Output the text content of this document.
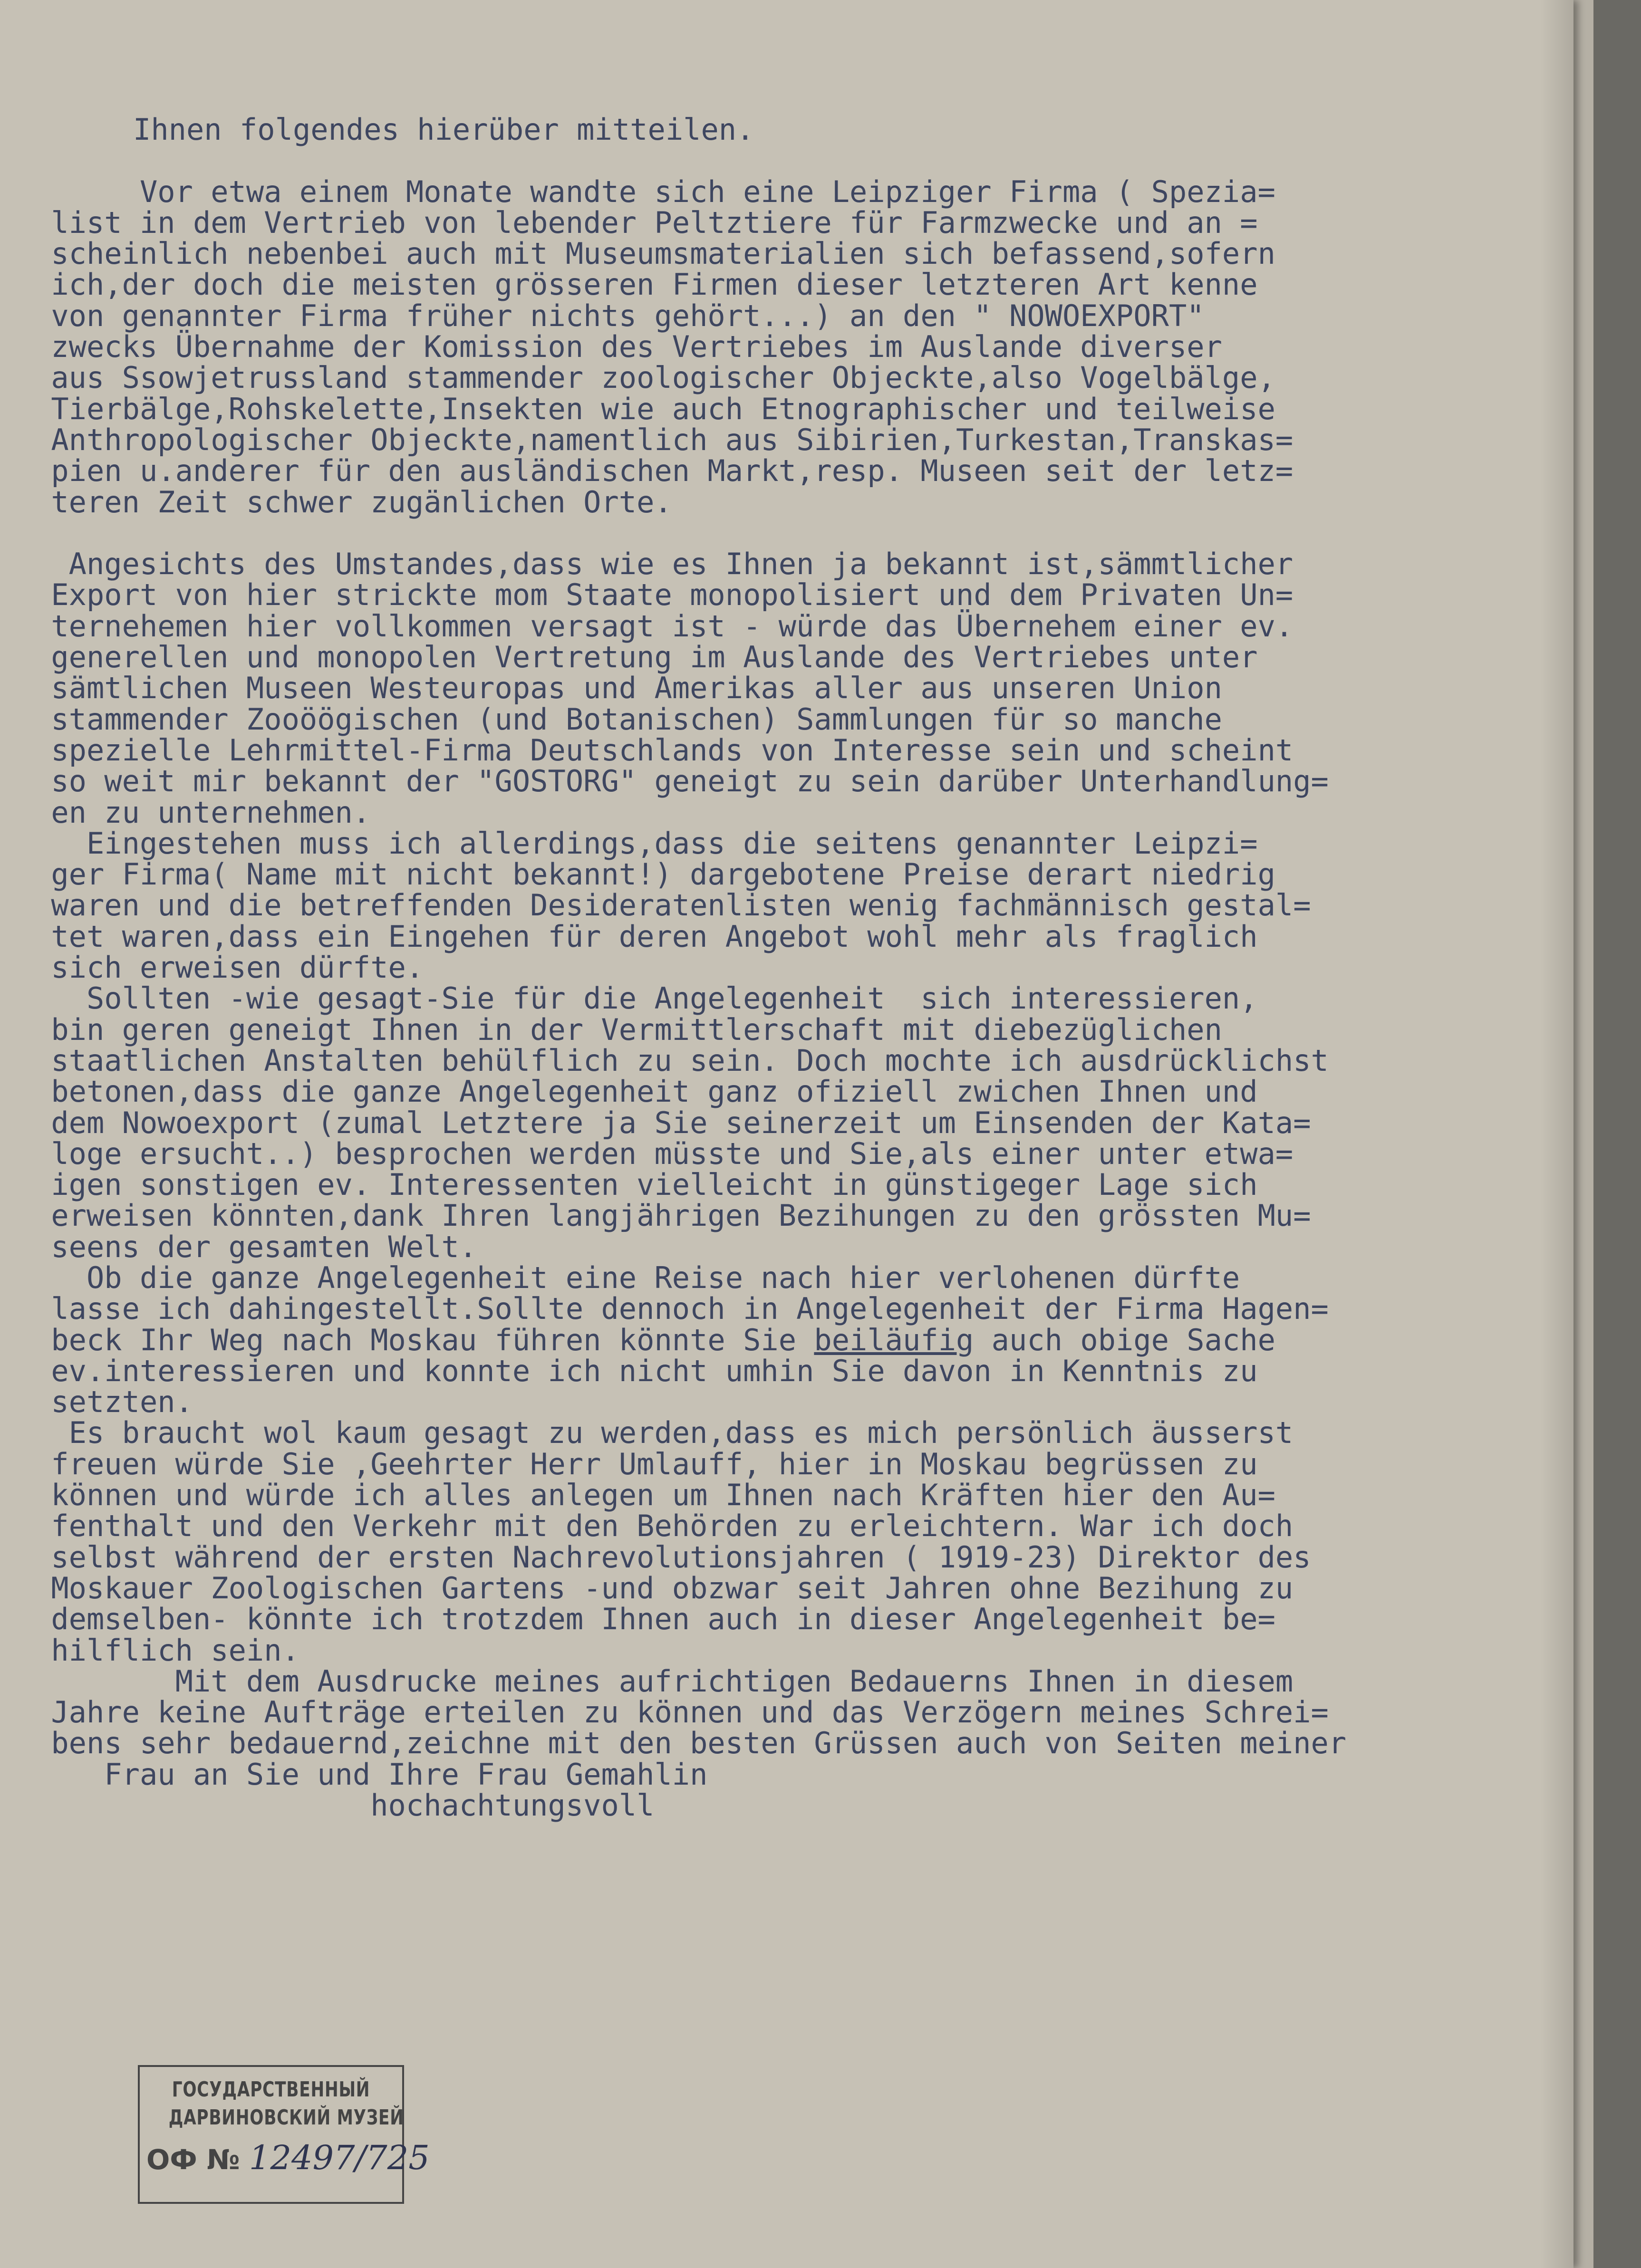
Ihnen folgendes hierüber mitteilen.
Vor etwa einem Monate wandte sich eine Leipziger Firma ( Spezia=
list in dem Vertrieb von lebender Peltztiere für Farmzwecke und an =
scheinlich nebenbei auch mit Museumsmaterialien sich befassend,sofern
ich,der doch die meisten grösseren Firmen dieser letzteren Art kenne
von genannter Firma früher nichts gehört...) an den " NOWOEXPORT"
zwecks Übernahme der Komission des Vertriebes im Auslande diverser
aus Ssowjetrussland stammender zoologischer Objeckte,also Vogelbälge,
Tierbälge,Rohskelette,Insekten wie auch Etnographischer und teilweise
Anthropologischer Objeckte,namentlich aus Sibirien,Turkestan,Transkas=
pien u.anderer für den ausländischen Markt,resp. Museen seit der letz=
teren Zeit schwer zugänlichen Orte.
Angesichts des Umstandes,dass wie es Ihnen ja bekannt ist,sämmtlicher
Export von hier strickte mom Staate monopolisiert und dem Privaten Un=
ternehemen hier vollkommen versagt ist - würde das Übernehem einer ev.
generellen und monopolen Vertretung im Auslande des Vertriebes unter
sämtlichen Museen Westeuropas und Amerikas aller aus unseren Union
stammender Zooöögischen (und Botanischen) Sammlungen für so manche
spezielle Lehrmittel-Firma Deutschlands von Interesse sein und scheint
so weit mir bekannt der "GOSTORG" geneigt zu sein darüber Unterhandlung=
en zu unternehmen.
Eingestehen muss ich allerdings,dass die seitens genannter Leipzi=
ger Firma( Name mit nicht bekannt!) dargebotene Preise derart niedrig
waren und die betreffenden Desideratenlisten wenig fachmännisch gestal=
tet waren,dass ein Eingehen für deren Angebot wohl mehr als fraglich
sich erweisen dürfte.
Sollten -wie gesagt-Sie für die Angelegenheit  sich interessieren,
bin geren geneigt Ihnen in der Vermittlerschaft mit diebezüglichen
staatlichen Anstalten behülflich zu sein. Doch mochte ich ausdrücklichst
betonen,dass die ganze Angelegenheit ganz ofiziell zwichen Ihnen und
dem Nowoexport (zumal Letztere ja Sie seinerzeit um Einsenden der Kata=
loge ersucht..) besprochen werden müsste und Sie,als einer unter etwa=
igen sonstigen ev. Interessenten vielleicht in günstigeger Lage sich
erweisen könnten,dank Ihren langjährigen Bezihungen zu den grössten Mu=
seens der gesamten Welt.
Ob die ganze Angelegenheit eine Reise nach hier verlohenen dürfte
lasse ich dahingestellt.Sollte dennoch in Angelegenheit der Firma Hagen=
beck Ihr Weg nach Moskau führen könnte Sie beiläufig auch obige Sache
ev.interessieren und konnte ich nicht umhin Sie davon in Kenntnis zu
setzten.
Es braucht wol kaum gesagt zu werden,dass es mich persönlich äusserst
freuen würde Sie ,Geehrter Herr Umlauff, hier in Moskau begrüssen zu
können und würde ich alles anlegen um Ihnen nach Kräften hier den Au=
fenthalt und den Verkehr mit den Behörden zu erleichtern. War ich doch
selbst während der ersten Nachrevolutionsjahren ( 1919-23) Direktor des
Moskauer Zoologischen Gartens -und obzwar seit Jahren ohne Bezihung zu
demselben- könnte ich trotzdem Ihnen auch in dieser Angelegenheit be=
hilflich sein.
Mit dem Ausdrucke meines aufrichtigen Bedauerns Ihnen in diesem
Jahre keine Aufträge erteilen zu können und das Verzögern meines Schrei=
bens sehr bedauernd,zeichne mit den besten Grüssen auch von Seiten meiner
Frau an Sie und Ihre Frau Gemahlin
hochachtungsvoll
ГОСУДАРСТВЕННЫЙ
ДАРВИНОВСКИЙ МУЗЕЙ
ОФ № 12497/725
